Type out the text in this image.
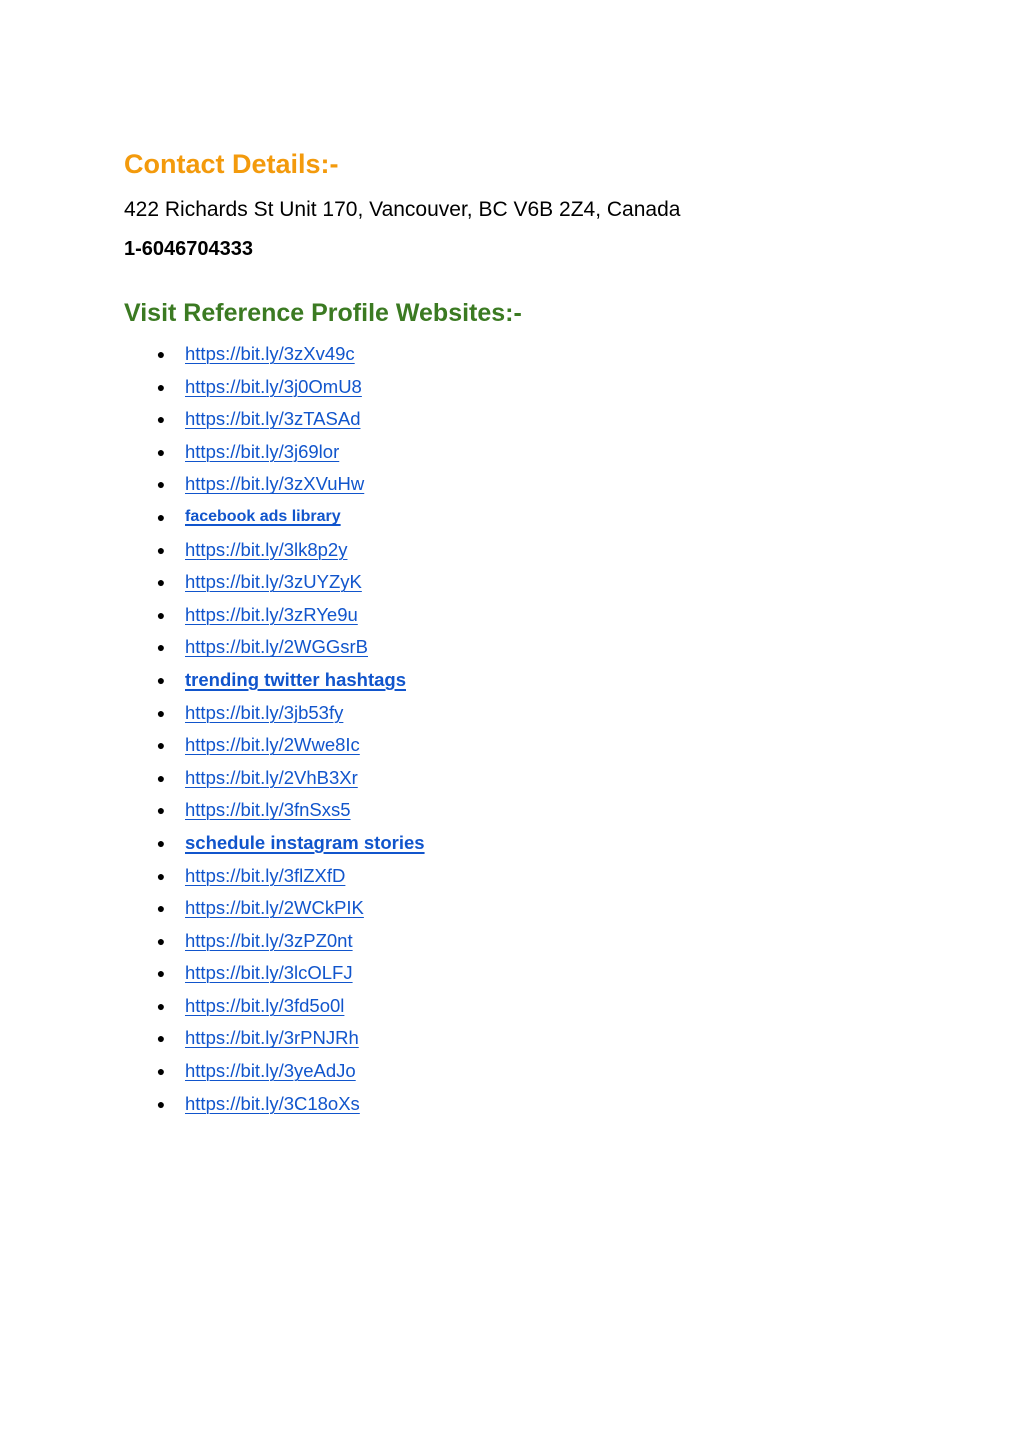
Contact Details:-
422 Richards St Unit 170, Vancouver, BC V6B 2Z4, Canada
1-6046704333
Visit Reference Profile Websites:-
● https://bit.ly/3zXv49c
● https://bit.ly/3j0OmU8
● https://bit.ly/3zTASAd
● https://bit.ly/3j69lor
● https://bit.ly/3zXVuHw
● facebook ads library
● https://bit.ly/3lk8p2y
● https://bit.ly/3zUYZyK
● https://bit.ly/3zRYe9u
● https://bit.ly/2WGGsrB
● trending twitter hashtags
● https://bit.ly/3jb53fy
● https://bit.ly/2Wwe8Ic
● https://bit.ly/2VhB3Xr
● https://bit.ly/3fnSxs5
● schedule instagram stories
● https://bit.ly/3flZXfD
● https://bit.ly/2WCkPIK
● https://bit.ly/3zPZ0nt
● https://bit.ly/3lcOLFJ
● https://bit.ly/3fd5o0l
● https://bit.ly/3rPNJRh
● https://bit.ly/3yeAdJo
● https://bit.ly/3C18oXs
